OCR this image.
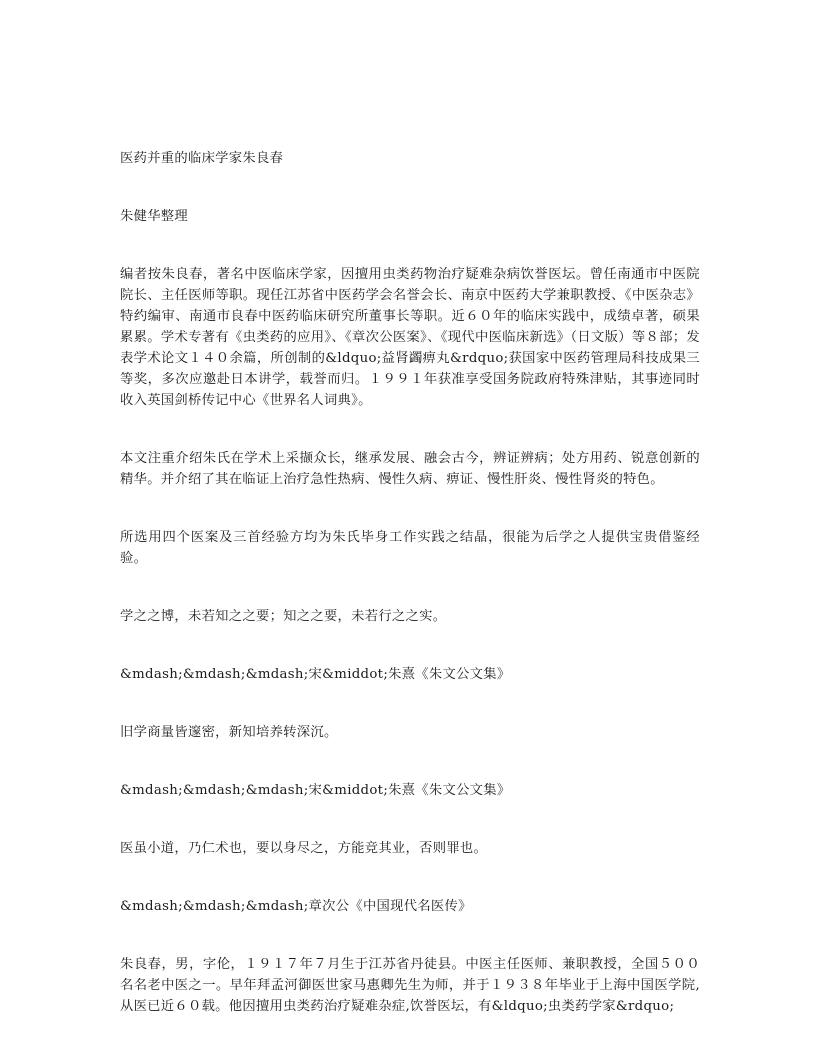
医药并重的临床学家朱良春

朱健华整理

编者按朱良春，著名中医临床学家，因擅用虫类药物治疗疑难杂病饮誉医坛。曾任南通市中医院院长、主任医师等职。现任江苏省中医药学会名誉会长、南京中医药大学兼职教授、《中医杂志》特约编审、南通市良春中医药临床研究所董事长等职。近６０年的临床实践中，成绩卓著，硕果累累。学术专著有《虫类药的应用》、《章次公医案》、《现代中医临床新选》（日文版）等８部；发表学术论文１４０余篇，所创制的&ldquo;益肾蠲痹丸&rdquo;获国家中医药管理局科技成果三等奖，多次应邀赴日本讲学，载誉而归。１９９１年获准享受国务院政府特殊津贴，其事迹同时收入英国剑桥传记中心《世界名人词典》。

本文注重介绍朱氏在学术上采撷众长，继承发展、融会古今，辨证辨病；处方用药、锐意创新的精华。并介绍了其在临证上治疗急性热病、慢性久病、痹证、慢性肝炎、慢性肾炎的特色。

所选用四个医案及三首经验方均为朱氏毕身工作实践之结晶，很能为后学之人提供宝贵借鉴经验。

学之之博，未若知之之要；知之之要，未若行之之实。

&mdash;&mdash;&mdash;宋&middot;朱熹《朱文公文集》

旧学商量皆邃密，新知培养转深沉。

&mdash;&mdash;&mdash;宋&middot;朱熹《朱文公文集》

医虽小道，乃仁术也，要以身尽之，方能竞其业，否则罪也。

&mdash;&mdash;&mdash;章次公《中国现代名医传》

朱良春，男，字伦，１９１７年７月生于江苏省丹徒县。中医主任医师、兼职教授，全国５００名名老中医之一。早年拜孟河御医世家马惠卿先生为师，并于１９３８年毕业于上海中国医学院,从医已近６０载。他因擅用虫类药治疗疑难杂症,饮誉医坛，有&ldquo;虫类药学家&rdquo;
